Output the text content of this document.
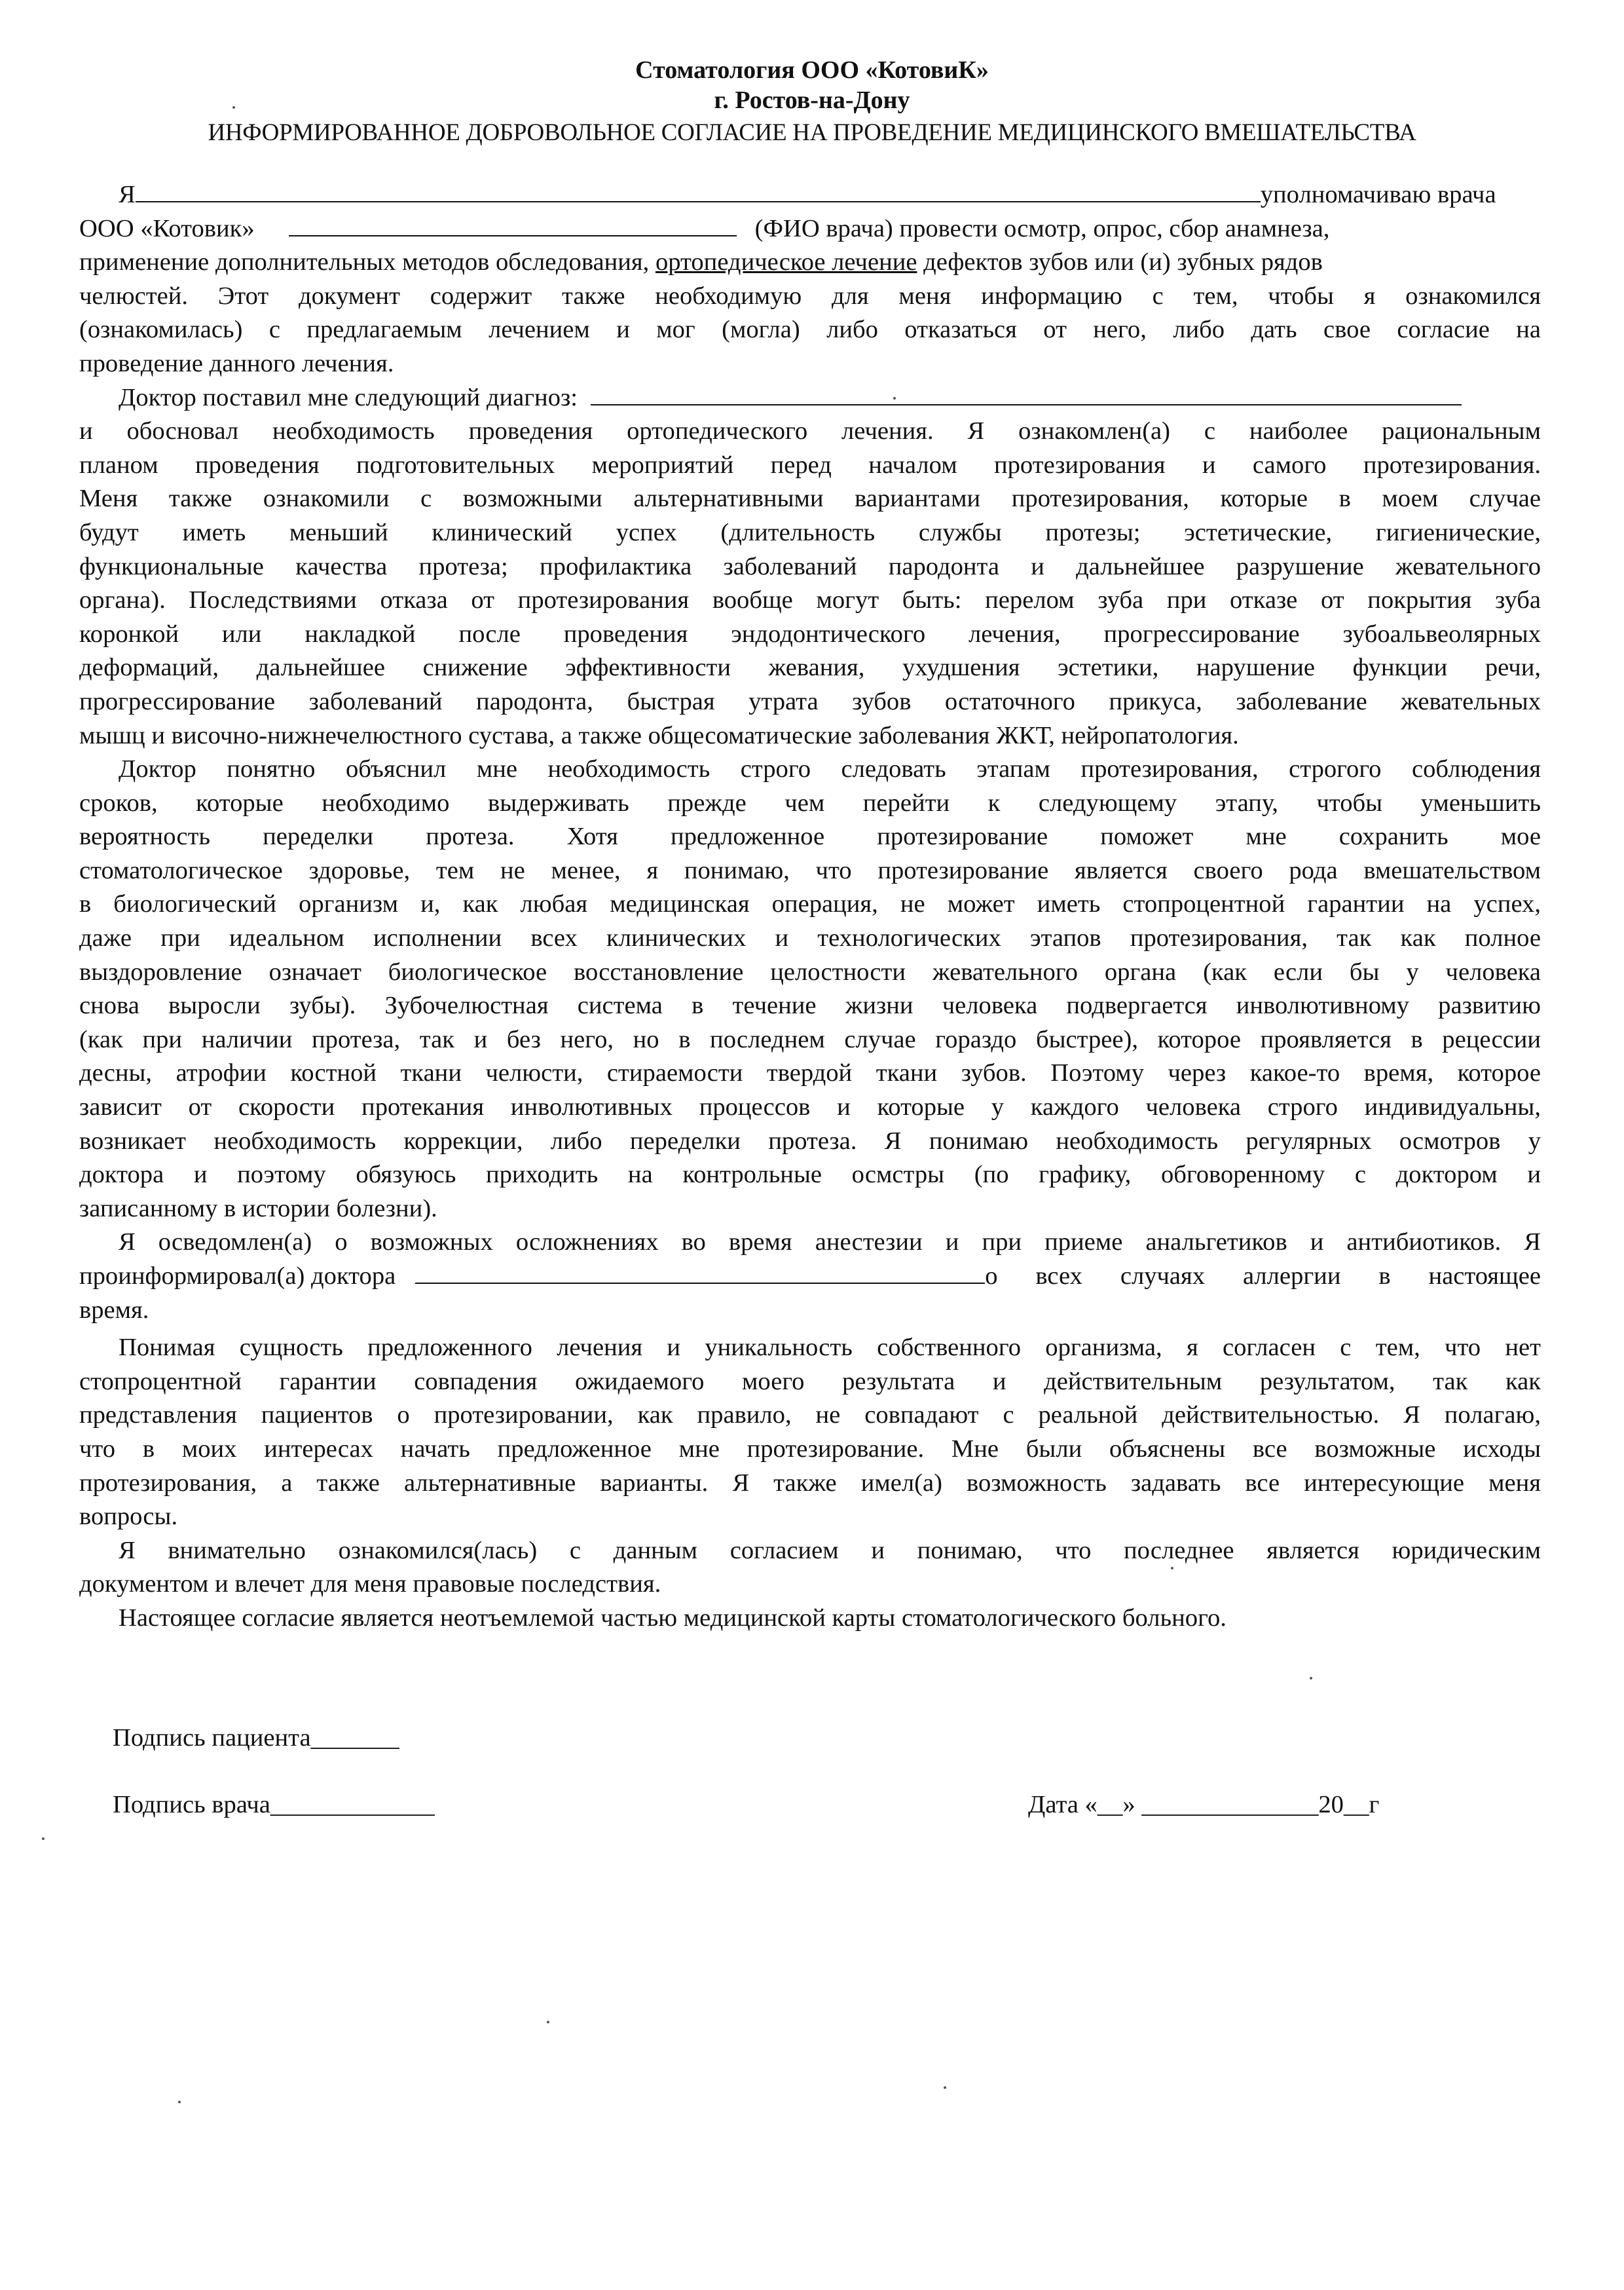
Стоматология ООО «КотовиК»
г. Ростов-на-Дону
ИНФОРМИРОВАННОЕ ДОБРОВОЛЬНОЕ СОГЛАСИЕ НА ПРОВЕДЕНИЕ МЕДИЦИНСКОГО ВМЕШАТЕЛЬСТВА
Я	уполномачиваю врача
ООО «Котовик»	(ФИО врача) провести осмотр, опрос, сбор анамнеза,
применение дополнительных методов обследования, ортопедическое лечение дефектов зубов или (и) зубных рядов
челюстей. Этот документ содержит также необходимую для меня информацию с тем, чтобы я ознакомился
(ознакомилась) с предлагаемым лечением и мог (могла) либо отказаться от него, либо дать свое согласие на
проведение данного лечения.
Доктор поставил мне следующий диагноз:
и обосновал необходимость проведения ортопедического лечения. Я ознакомлен(а) с наиболее рациональным
планом проведения подготовительных мероприятий перед началом протезирования и самого протезирования.
Меня также ознакомили с возможными альтернативными вариантами протезирования, которые в моем случае
будут иметь меньший клинический успех (длительность службы протезы; эстетические, гигиенические,
функциональные качества протеза; профилактика заболеваний пародонта и дальнейшее разрушение жевательного
органа). Последствиями отказа от протезирования вообще могут быть: перелом зуба при отказе от покрытия зуба
коронкой или накладкой после проведения эндодонтического лечения, прогрессирование зубоальвеолярных
деформаций, дальнейшее снижение эффективности жевания, ухудшения эстетики, нарушение функции речи,
прогрессирование заболеваний пародонта, быстрая утрата зубов остаточного прикуса, заболевание жевательных
мышц и височно-нижнечелюстного сустава, а также общесоматические заболевания ЖКТ, нейропатология.
Доктор понятно объяснил мне необходимость строго следовать этапам протезирования, строгого соблюдения
сроков, которые необходимо выдерживать прежде чем перейти к следующему этапу, чтобы уменьшить
вероятность переделки протеза. Хотя предложенное протезирование поможет мне сохранить мое
стоматологическое здоровье, тем не менее, я понимаю, что протезирование является своего рода вмешательством
в биологический организм и, как любая медицинская операция, не может иметь стопроцентной гарантии на успех,
даже при идеальном исполнении всех клинических и технологических этапов протезирования, так как полное
выздоровление означает биологическое восстановление целостности жевательного органа (как если бы у человека
снова выросли зубы). Зубочелюстная система в течение жизни человека подвергается инволютивному развитию
(как при наличии протеза, так и без него, но в последнем случае гораздо быстрее), которое проявляется в рецессии
десны, атрофии костной ткани челюсти, стираемости твердой ткани зубов. Поэтому через какое-то время, которое
зависит от скорости протекания инволютивных процессов и которые у каждого человека строго индивидуальны,
возникает необходимость коррекции, либо переделки протеза. Я понимаю необходимость регулярных осмотров у
доктора и поэтому обязуюсь приходить на контрольные осмстры (по графику, обговоренному с доктором и
записанному в истории болезни).
Я осведомлен(а) о возможных осложнениях во время анестезии и при приеме анальгетиков и антибиотиков. Я
проинформировал(а) доктора	о всех случаях аллергии в настоящее
время.
Понимая сущность предложенного лечения и уникальность собственного организма, я согласен с тем, что нет
стопроцентной гарантии совпадения ожидаемого моего результата и действительным результатом, так как
представления пациентов о протезировании, как правило, не совпадают с реальной действительностью. Я полагаю,
что в моих интересах начать предложенное мне протезирование. Мне были объяснены все возможные исходы
протезирования, а также альтернативные варианты. Я также имел(а) возможность задавать все интересующие меня
вопросы.
Я внимательно ознакомился(лась) с данным согласием и понимаю, что последнее является юридическим
документом и влечет для меня правовые последствия.
Настоящее согласие является неотъемлемой частью медицинской карты стоматологического больного.
Подпись пациента_______
Подпись врача_____________	Дата «__» ______________20__г
